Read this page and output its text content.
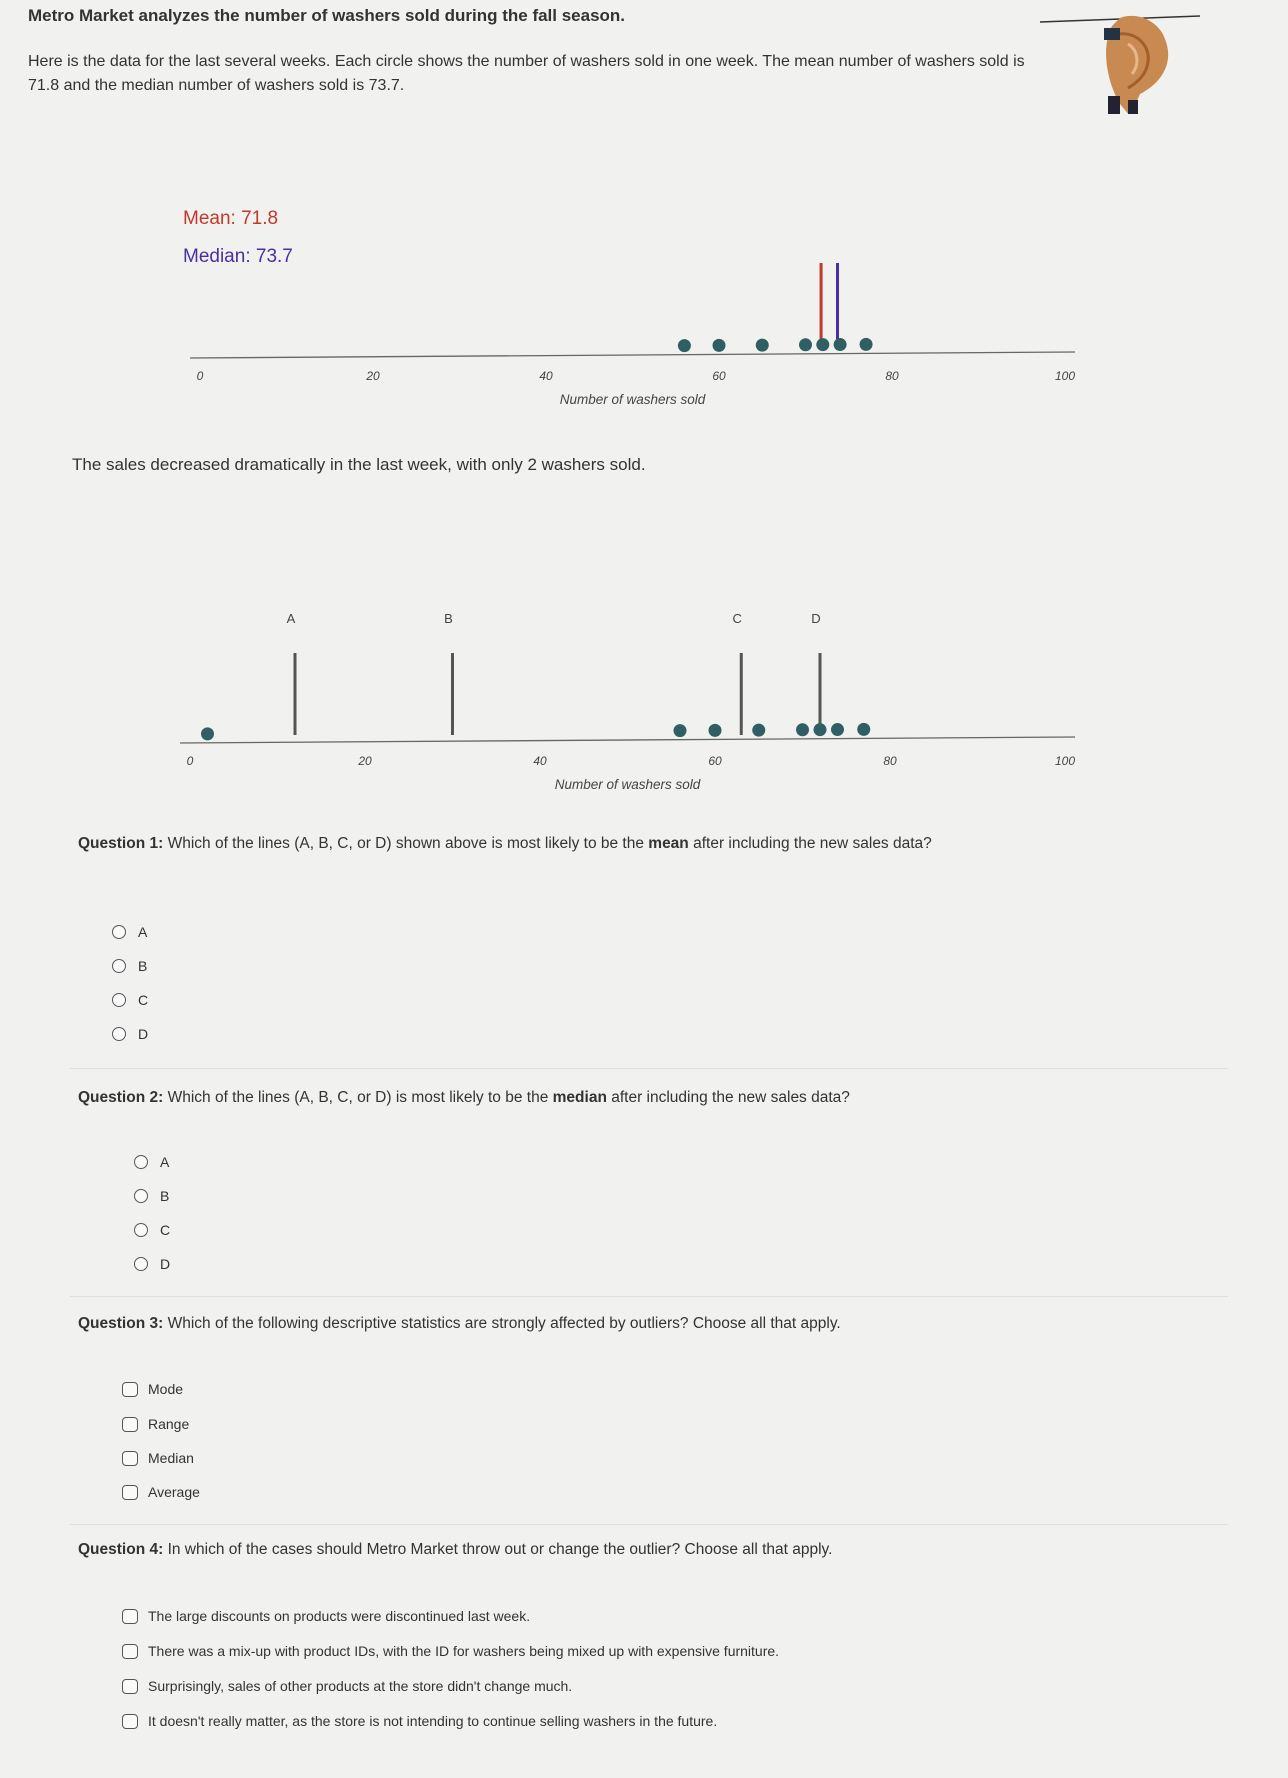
Metro Market analyzes the number of washers sold during the fall season.
Here is the data for the last several weeks. Each circle shows the number of washers sold in one week. The mean number of washers sold is 71.8 and the median number of washers sold is 73.7.
Mean: 71.8
Median: 73.7
0	20	40	60	80	100
Number of washers sold
The sales decreased dramatically in the last week, with only 2 washers sold.
0	20	40	60	80	100
Number of washers sold
A	B	C	D
Question 1: Which of the lines (A, B, C, or D) shown above is most likely to be the mean after including the new sales data?
A
B
C
D
Question 2: Which of the lines (A, B, C, or D) is most likely to be the median after including the new sales data?
A
B
C
D
Question 3: Which of the following descriptive statistics are strongly affected by outliers? Choose all that apply.
Mode
Range
Median
Average
Question 4: In which of the cases should Metro Market throw out or change the outlier? Choose all that apply.
The large discounts on products were discontinued last week.
There was a mix-up with product IDs, with the ID for washers being mixed up with expensive furniture.
Surprisingly, sales of other products at the store didn't change much.
It doesn't really matter, as the store is not intending to continue selling washers in the future.
